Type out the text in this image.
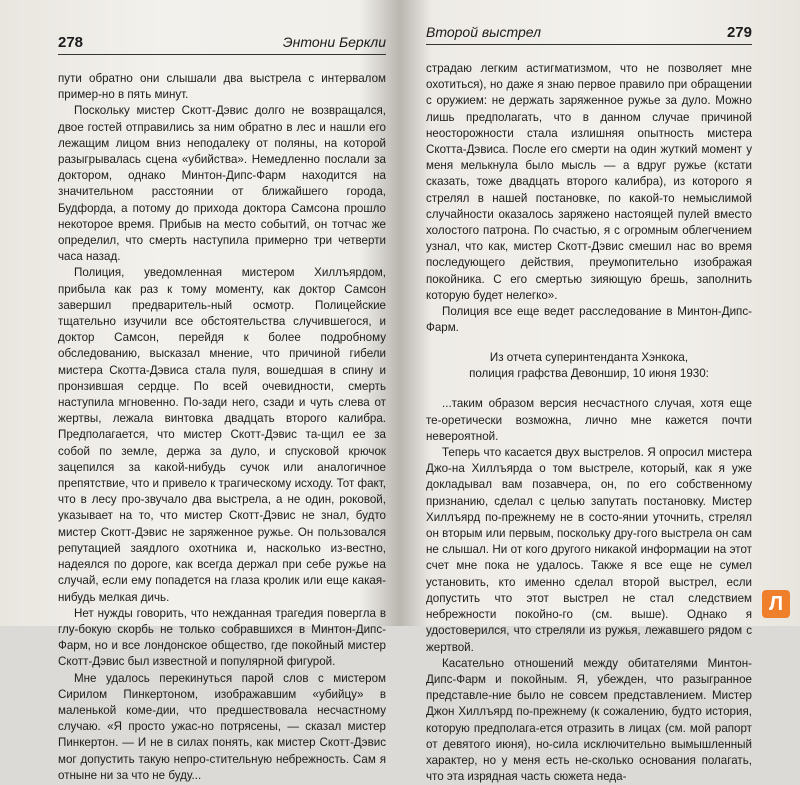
278	Энтони Беркли

пути обратно они слышали два выстрела с интервалом пример-но в пять минут.

Поскольку мистер Скотт-Дэвис долго не возвращался, двое гостей отправились за ним обратно в лес и нашли его лежащим лицом вниз неподалеку от поляны, на которой разыгрывалась сцена «убийства». Немедленно послали за доктором, однако Минтон-Дипс-Фарм находится на значительном расстоянии от ближайшего города, Будфорда, а потому до прихода доктора Самсона прошло некоторое время. Прибыв на место событий, он тотчас же определил, что смерть наступила примерно три четверти часа назад.

Полиция, уведомленная мистером Хиллъярдом, прибыла как раз к тому моменту, как доктор Самсон завершил предваритель-ный осмотр. Полицейские тщательно изучили все обстоятельства случившегося, и доктор Самсон, перейдя к более подробному обследованию, высказал мнение, что причиной гибели мистера Скотта-Дэвиса стала пуля, вошедшая в спину и пронзившая сердце. По всей очевидности, смерть наступила мгновенно. По-зади него, сзади и чуть слева от жертвы, лежала винтовка двадцать второго калибра. Предполагается, что мистер Скотт-Дэвис та-щил ее за собой по земле, держа за дуло, и спусковой крючок зацепился за какой-нибудь сучок или аналогичное препятствие, что и привело к трагическому исходу. Тот факт, что в лесу про-звучало два выстрела, а не один, роковой, указывает на то, что мистер Скотт-Дэвис не знал, будто мистер Скотт-Дэвис не заряженное ружье. Он пользовался репутацией заядлого охотника и, насколько из-вестно, надеялся по дороге, как всегда держал при себе ружье на случай, если ему попадется на глаза кролик или еще какая-нибудь мелкая дичь.

Нет нужды говорить, что нежданная трагедия повергла в глу-бокую скорбь не только собравшихся в Минтон-Дипс-Фарм, но и все лондонское общество, где покойный мистер Скотт-Дэвис был известной и популярной фигурой.

Мне удалось перекинуться парой слов с мистером Сирилом Пинкертоном, изображавшим «убийцу» в маленькой коме-дии, что предшествовала несчастному случаю. «Я просто ужас-но потрясены, — сказал мистер Пинкертон. — И не в силах понять, как мистер Скотт-Дэвис мог допустить такую непро-стительную небрежность. Сам я отныне ни за что не буду...

Второй выстрел	279

страдаю легким астигматизмом, что не позволяет мне охотиться), но даже я знаю первое правило при обращении с оружием: не держать заряженное ружье за дуло. Можно лишь предполагать, что в данном случае причиной неосторожности стала излишняя опытность мистера Скотта-Дэвиса. После его смерти на один жуткий момент у меня мелькнула было мысль — а вдруг ружье (кстати сказать, тоже двадцать второго калибра), из которого я стрелял в нашей постановке, по какой-то немыслимой случайности оказалось заряжено настоящей пулей вместо холостого патрона. По счастью, я с огромным облегчением узнал, что как, мистер Скотт-Дэвис смешил нас во время последующего действия, преумопительно изображая покойника. С его смертью зияющую брешь, заполнить которую будет нелегко».

Полиция все еще ведет расследование в Минтон-Дипс-Фарм.

Из отчета суперинтенданта Хэнкока,
полиция графства Девоншир, 10 июня 1930:

...таким образом версия несчастного случая, хотя еще те-оретически возможна, лично мне кажется почти невероятной.

Теперь что касается двух выстрелов. Я опросил мистера Джо-на Хиллъярда о том выстреле, который, как я уже докладывал вам позавчера, он, по его собственному признанию, сделал с целью запутать постановку. Мистер Хиллъярд по-прежнему не в состо-янии уточнить, стрелял он вторым или первым, поскольку дру-гого выстрела он сам не слышал. Ни от кого другого никакой информации на этот счет мне пока не удалось. Также я все еще не сумел установить, кто именно сделал второй выстрел, если допустить что этот выстрел не стал следствием небрежности покойно-го (см. выше). Однако я удостоверился, что стреляли из ружья, лежавшего рядом с жертвой.

Касательно отношений между обитателями Минтон-Дипс-Фарм и покойным. Я, убежден, что разыгранное представле-ние было не совсем представлением. Мистер Джон Хиллъярд по-прежнему (к сожалению, будто история, которую предполага-ется отразить в лицах (см. мой рапорт от девятого июня), но-сила исключительно вымышленный характер, но у меня есть не-сколько основания полагать, что эта изрядная часть сюжета неда-

Л
